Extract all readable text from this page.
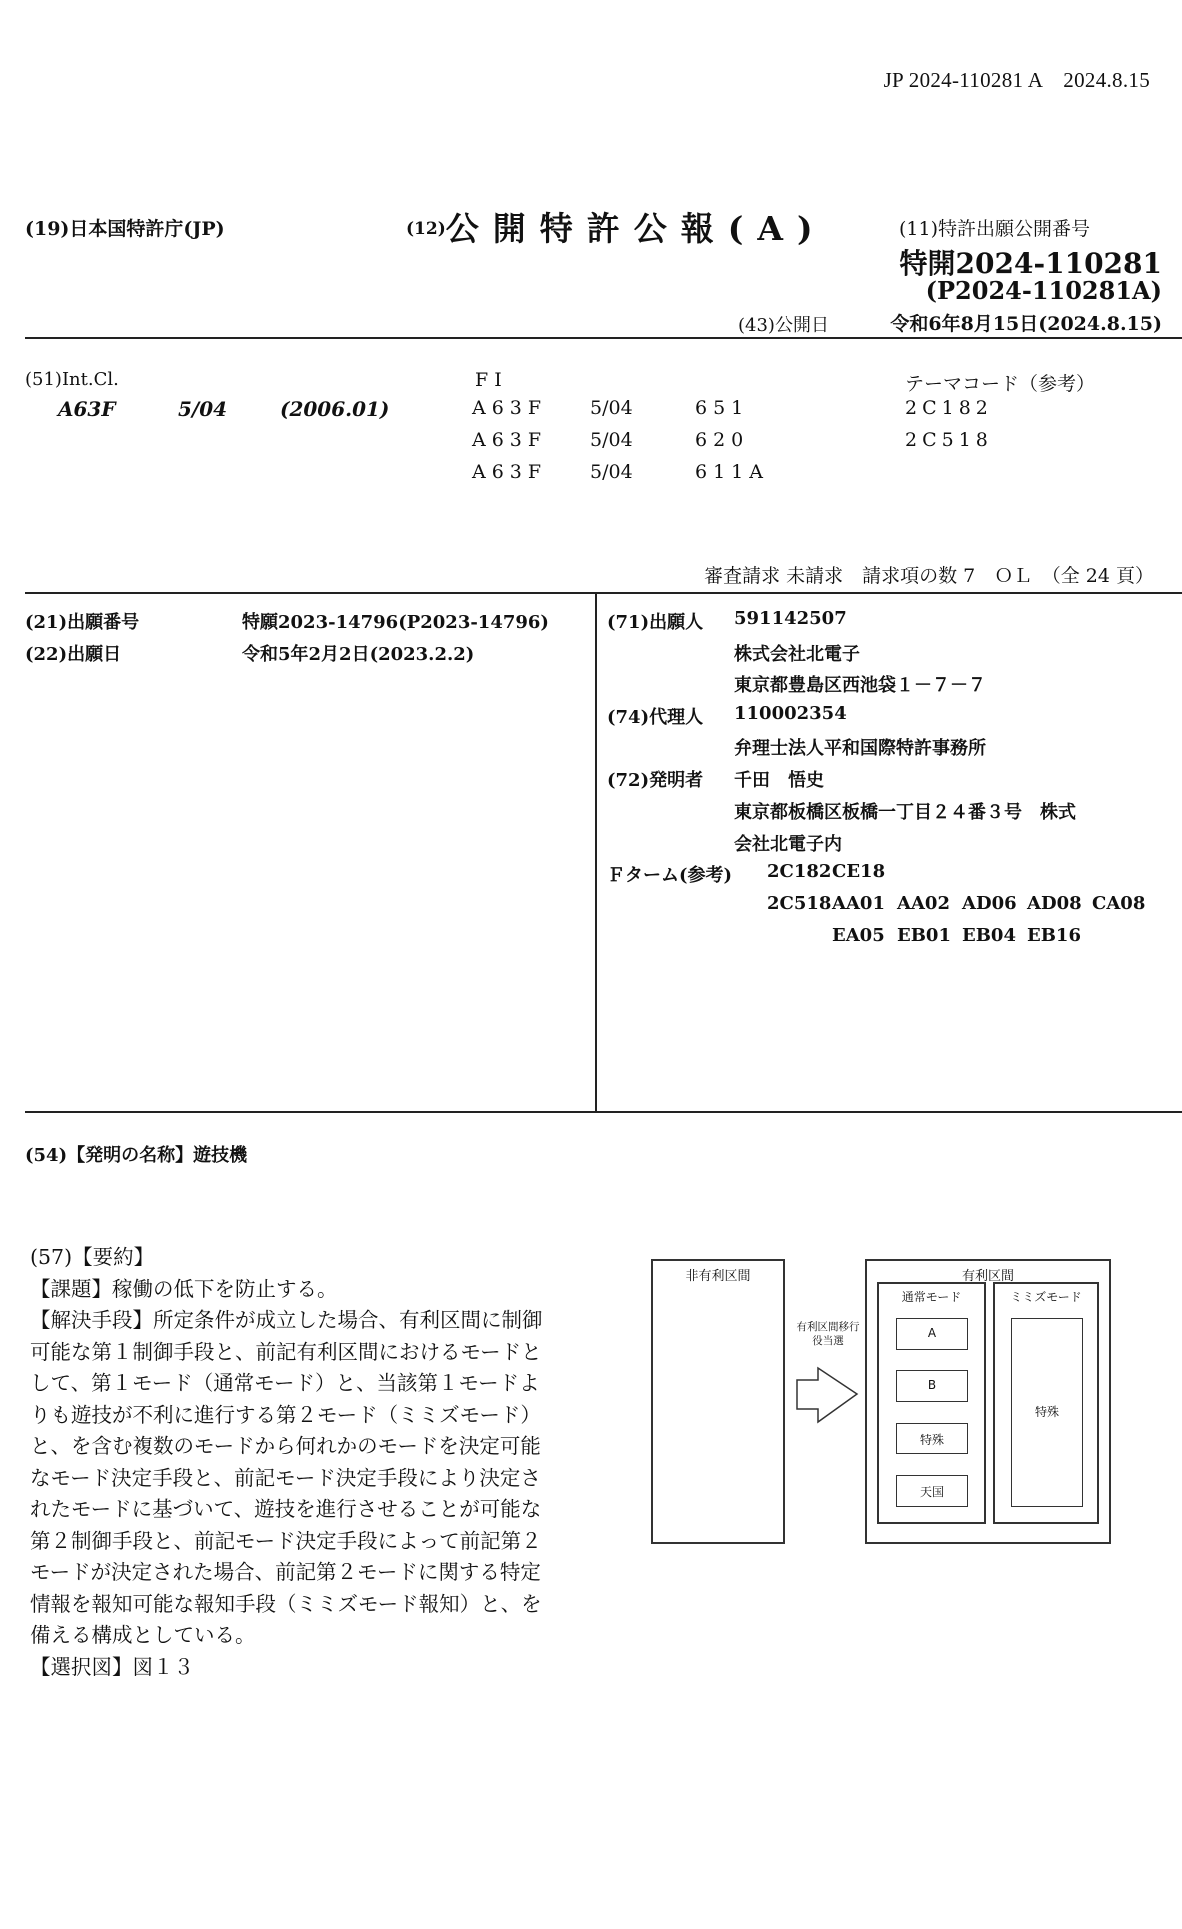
JP 2024-110281 A　2024.8.15
(19)日本国特許庁(JP)	(12)公開特許公報(A)	(11)特許出願公開番号
特開2024-110281
(P2024-110281A)
(43)公開日	令和6年8月15日(2024.8.15)
(51)Int.Cl.
A63F	5/04	(2006.01)
F I
A63F 5/04	651
A63F 5/04	620
A63F 5/04	611A
テーマコード（参考）
2C182
2C518
審査請求 未請求　請求項の数 7　ＯＬ　（全 24 頁）
(21)出願番号	特願2023-14796(P2023-14796)
(22)出願日	令和5年2月2日(2023.2.2)
(71)出願人 591142507
株式会社北電子
東京都豊島区西池袋１－７－７
(74)代理人 110002354
弁理士法人平和国際特許事務所
(72)発明者 千田　悟史
東京都板橋区板橋一丁目２４番３号　株式
会社北電子内
Ｆターム(参考) 2C182 CE18
2C518 AA01 AA02 AD06 AD08 CA08
EA05 EB01 EB04 EB16
(54)【発明の名称】遊技機
(57)【要約】
【課題】稼働の低下を防止する。
【解決手段】所定条件が成立した場合、有利区間に制御
可能な第１制御手段と、前記有利区間におけるモードと
して、第１モード（通常モード）と、当該第１モードよ
りも遊技が不利に進行する第２モード（ミミズモード）
と、を含む複数のモードから何れかのモードを決定可能
なモード決定手段と、前記モード決定手段により決定さ
れたモードに基づいて、遊技を進行させることが可能な
第２制御手段と、前記モード決定手段によって前記第２
モードが決定された場合、前記第２モードに関する特定
情報を報知可能な報知手段（ミミズモード報知）と、を
備える構成としている。
【選択図】図１３
非有利区間
有利区間移行
役当選
有利区間
通常モード
A
B
特殊
天国
ミミズモード
特殊
